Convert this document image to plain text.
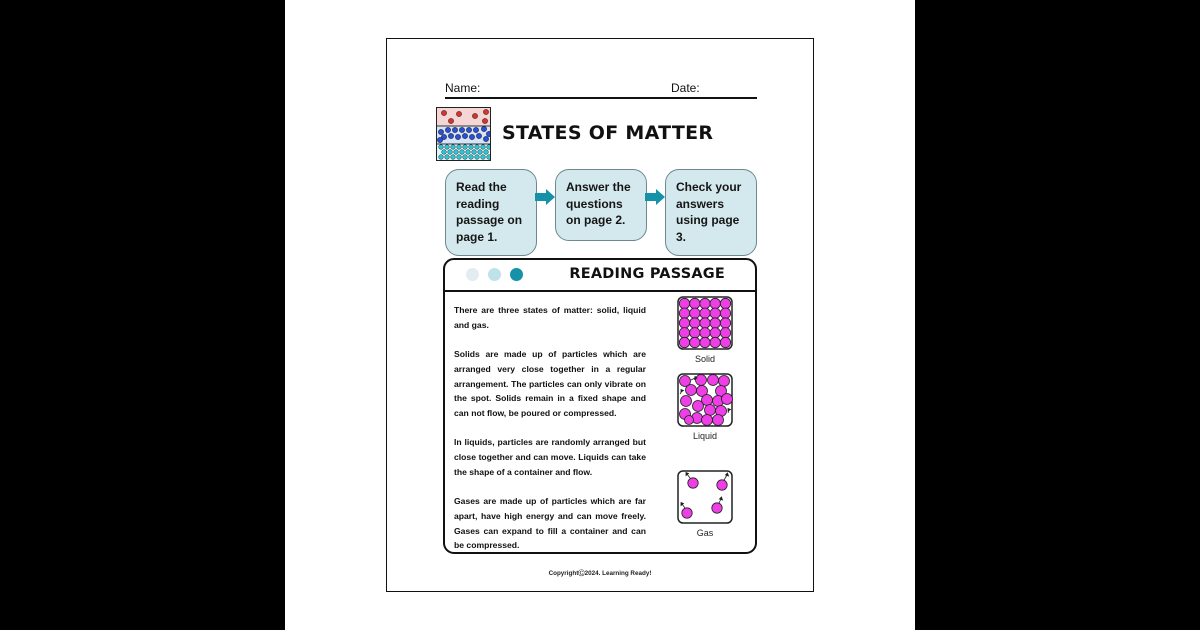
Name:	Date:
STATES OF MATTER
Read the reading passage on page 1.
Answer the questions on page 2.
Check your answers using page 3.
READING PASSAGE

There are three states of matter: solid, liquid and gas.

Solids are made up of particles which are arranged very close together in a regular arrangement. The particles can only vibrate on the spot. Solids remain in a fixed shape and can not flow, be poured or compressed.

In liquids, particles are randomly arranged but close together and can move. Liquids can take the shape of a container and flow.

Gases are made up of particles which are far apart, have high energy and can move freely. Gases can expand to fill a container and can be compressed.

Solid
Liquid
Gas
CopyrightⒸ2024. Learning Ready!
